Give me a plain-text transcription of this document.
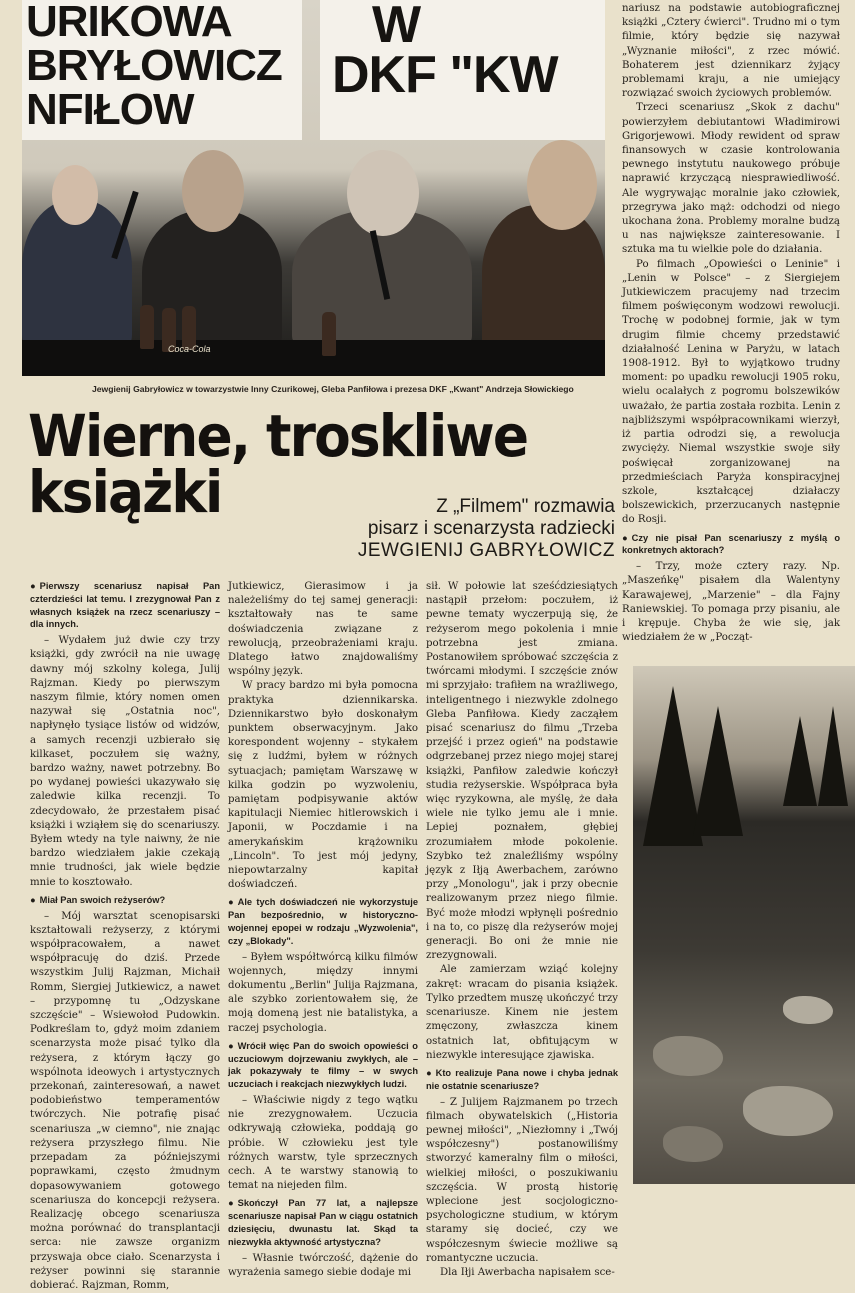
URIKOWA
BRYŁOWICZ
NFIŁOW
W
DKF "KW
Coca-Cola
Jewgienij Gabryłowicz w towarzystwie Inny Czurikowej, Gleba Panfiłowa i prezesa DKF „Kwant" Andrzeja Słowickiego
Wierne, troskliwe
książki	Z „Filmem" rozmawia
pisarz i scenarzysta radziecki
JEWGIENIJ GABRYŁOWICZ

nariusz na podstawie autobiograficznej książki „Cztery ćwierci". Trudno mi o tym filmie, który będzie się nazywał „Wyznanie miłości", z rzec mówić. Bohaterem jest dziennikarz żyjący problemami kraju, a nie umiejący rozwiązać swoich życiowych problemów.

Trzeci scenariusz „Skok z dachu" powierzyłem debiutantowi Władimirowi Grigorjewowi. Młody rewident od spraw finansowych w czasie kontrolowania pewnego instytutu naukowego próbuje naprawić krzyczącą niesprawiedliwość. Ale wygrywając moralnie jako człowiek, przegrywa jako mąż: odchodzi od niego ukochana żona. Problemy moralne budzą u nas największe zainteresowanie. I sztuka ma tu wielkie pole do działania.

Po filmach „Opowieści o Leninie" i „Lenin w Polsce" – z Siergiejem Jutkiewiczem pracujemy nad trzecim filmem poświęconym wodzowi rewolucji. Trochę w podobnej formie, jak w tym drugim filmie chcemy przedstawić działalność Lenina w Paryżu, w latach 1908-1912. Był to wyjątkowo trudny moment: po upadku rewolucji 1905 roku, wielu ocalałych z pogromu bolszewików uważało, że partia została rozbita. Lenin z najbliższymi współpracownikami wierzył, iż partia odrodzi się, a rewolucja zwycięży. Niemal wszystkie swoje siły poświęcał zorganizowanej na przedmieściach Paryża konspiracyjnej szkole, kształcącej działaczy bolszewickich, przerzucanych następnie do Rosji.

● Czy nie pisał Pan scenariuszy z myślą o konkretnych aktorach?

– Trzy, może cztery razy. Np. „Maszeńkę" pisałem dla Walentyny Karawajewej, „Marzenie" – dla Fajny Raniewskiej. To pomaga przy pisaniu, ale i krępuje. Chyba że wie się, jak wiedziałem że w „Począt-

● Pierwszy scenariusz napisał Pan czterdzieści lat temu. I zrezygnował Pan z własnych książek na rzecz scenariuszy – dla innych.

– Wydałem już dwie czy trzy książki, gdy zwrócił na nie uwagę dawny mój szkolny kolega, Julij Rajzman. Kiedy po pierwszym naszym filmie, który nomen omen nazywał się „Ostatnia noc", napłynęło tysiące listów od widzów, a samych recenzji uzbierało się kilkaset, poczułem się ważny, bardzo ważny, nawet potrzebny. Bo po wydanej powieści ukazywało się zaledwie kilka recenzji. To zdecydowało, że przestałem pisać książki i wziąłem się do scenariuszy. Byłem wtedy na tyle naiwny, że nie bardzo wiedziałem jakie czekają mnie trudności, jak wiele będzie mnie to kosztowało.

● Miał Pan swoich reżyserów?

– Mój warsztat scenopisarski kształtowali reżyserzy, z którymi współpracowałem, a nawet współpracuję do dziś. Przede wszystkim Julij Rajzman, Michaił Romm, Siergiej Jutkiewicz, a nawet – przypomnę tu „Odzyskane szczęście" – Wsiewołod Pudowkin. Podkreślam to, gdyż moim zdaniem scenarzysta może pisać tylko dla reżysera, z którym łączy go wspólnota ideowych i artystycznych przekonań, zainteresowań, a nawet podobieństwo temperamentów twórczych. Nie potrafię pisać scenariusza „w ciemno", nie znając reżysera przyszłego filmu. Nie przepadam za późniejszymi poprawkami, często żmudnym dopasowywaniem gotowego scenariusza do koncepcji reżysera. Realizację obcego scenariusza można porównać do transplantacji serca: nie zawsze organizm przyswaja obce ciało. Scenarzysta i reżyser powinni się starannie dobierać. Rajzman, Romm,

Jutkiewicz, Gierasimow i ja należeliśmy do tej samej generacji: kształtowały nas te same doświadczenia związane z rewolucją, przeobrażeniami kraju. Dlatego łatwo znajdowaliśmy wspólny język.

W pracy bardzo mi była pomocna praktyka dziennikarska. Dziennikarstwo było doskonałym punktem obserwacyjnym. Jako korespondent wojenny – stykałem się z ludźmi, byłem w różnych sytuacjach; pamiętam Warszawę w kilka godzin po wyzwoleniu, pamiętam podpisywanie aktów kapitulacji Niemiec hitlerowskich i Japonii, w Poczdamie i na amerykańskim krążowniku „Lincoln". To jest mój jedyny, niepowtarzalny kapitał doświadczeń.

● Ale tych doświadczeń nie wykorzystuje Pan bezpośrednio, w historyczno-wojennej epopei w rodzaju „Wyzwolenia", czy „Blokady".

– Byłem współtwórcą kilku filmów wojennych, między innymi dokumentu „Berlin" Julija Rajzmana, ale szybko zorientowałem się, że moją domeną jest nie batalistyka, a raczej psychologia.

● Wrócił więc Pan do swoich opowieści o uczuciowym dojrzewaniu zwykłych, ale – jak pokazywały te filmy – w swych uczuciach i reakcjach niezwykłych ludzi.

– Właściwie nigdy z tego wątku nie zrezygnowałem. Uczucia odkrywają człowieka, poddają go próbie. W człowieku jest tyle różnych warstw, tyle sprzecznych cech. A te warstwy stanowią to temat na niejeden film.

● Skończył Pan 77 lat, a najlepsze scenariusze napisał Pan w ciągu ostatnich dziesięciu, dwunastu lat. Skąd ta niezwykła aktywność artystyczna?

– Własnie twórczość, dążenie do wyrażenia samego siebie dodaje mi

sił. W połowie lat sześćdziesiątych nastąpił przełom: poczułem, iż pewne tematy wyczerpują się, że reżyserom mego pokolenia i mnie potrzebna jest zmiana. Postanowiłem spróbować szczęścia z twórcami młodymi. I szczęście znów mi sprzyjało: trafiłem na wrażliwego, inteligentnego i niezwykle zdolnego Gleba Panfiłowa. Kiedy zacząłem pisać scenariusz do filmu „Trzeba przejść i przez ogień" na podstawie odgrzebanej przez niego mojej starej książki, Panfiłow zaledwie kończył studia reżyserskie. Współpraca była więc ryzykowna, ale myślę, że dała wiele nie tylko jemu ale i mnie. Lepiej poznałem, głębiej zrozumiałem młode pokolenie. Szybko też znaleźliśmy wspólny język z Iłją Awerbachem, zarówno przy „Monologu", jak i przy obecnie realizowanym przez niego filmie. Być może młodzi wpłynęli pośrednio i na to, co piszę dla reżyserów mojej generacji. Bo oni że mnie nie zrezygnowali.

Ale zamierzam wziąć kolejny zakręt: wracam do pisania książek. Tylko przedtem muszę ukończyć trzy scenariusze. Kinem nie jestem zmęczony, zwłaszcza kinem ostatnich lat, obfitującym w niezwykle interesujące zjawiska.

● Kto realizuje Pana nowe i chyba jednak nie ostatnie scenariusze?

– Z Julijem Rajzmanem po trzech filmach obywatelskich („Historia pewnej miłości", „Niezłomny i „Twój współczesny") postanowiliśmy stworzyć kameralny film o miłości, wielkiej miłości, o poszukiwaniu szczęścia. W prostą historię wplecione jest socjologiczno-psychologiczne studium, w którym staramy się docieć, czy we współczesnym świecie możliwe są romantyczne uczucia.

Dla Iłji Awerbacha napisałem sce-
